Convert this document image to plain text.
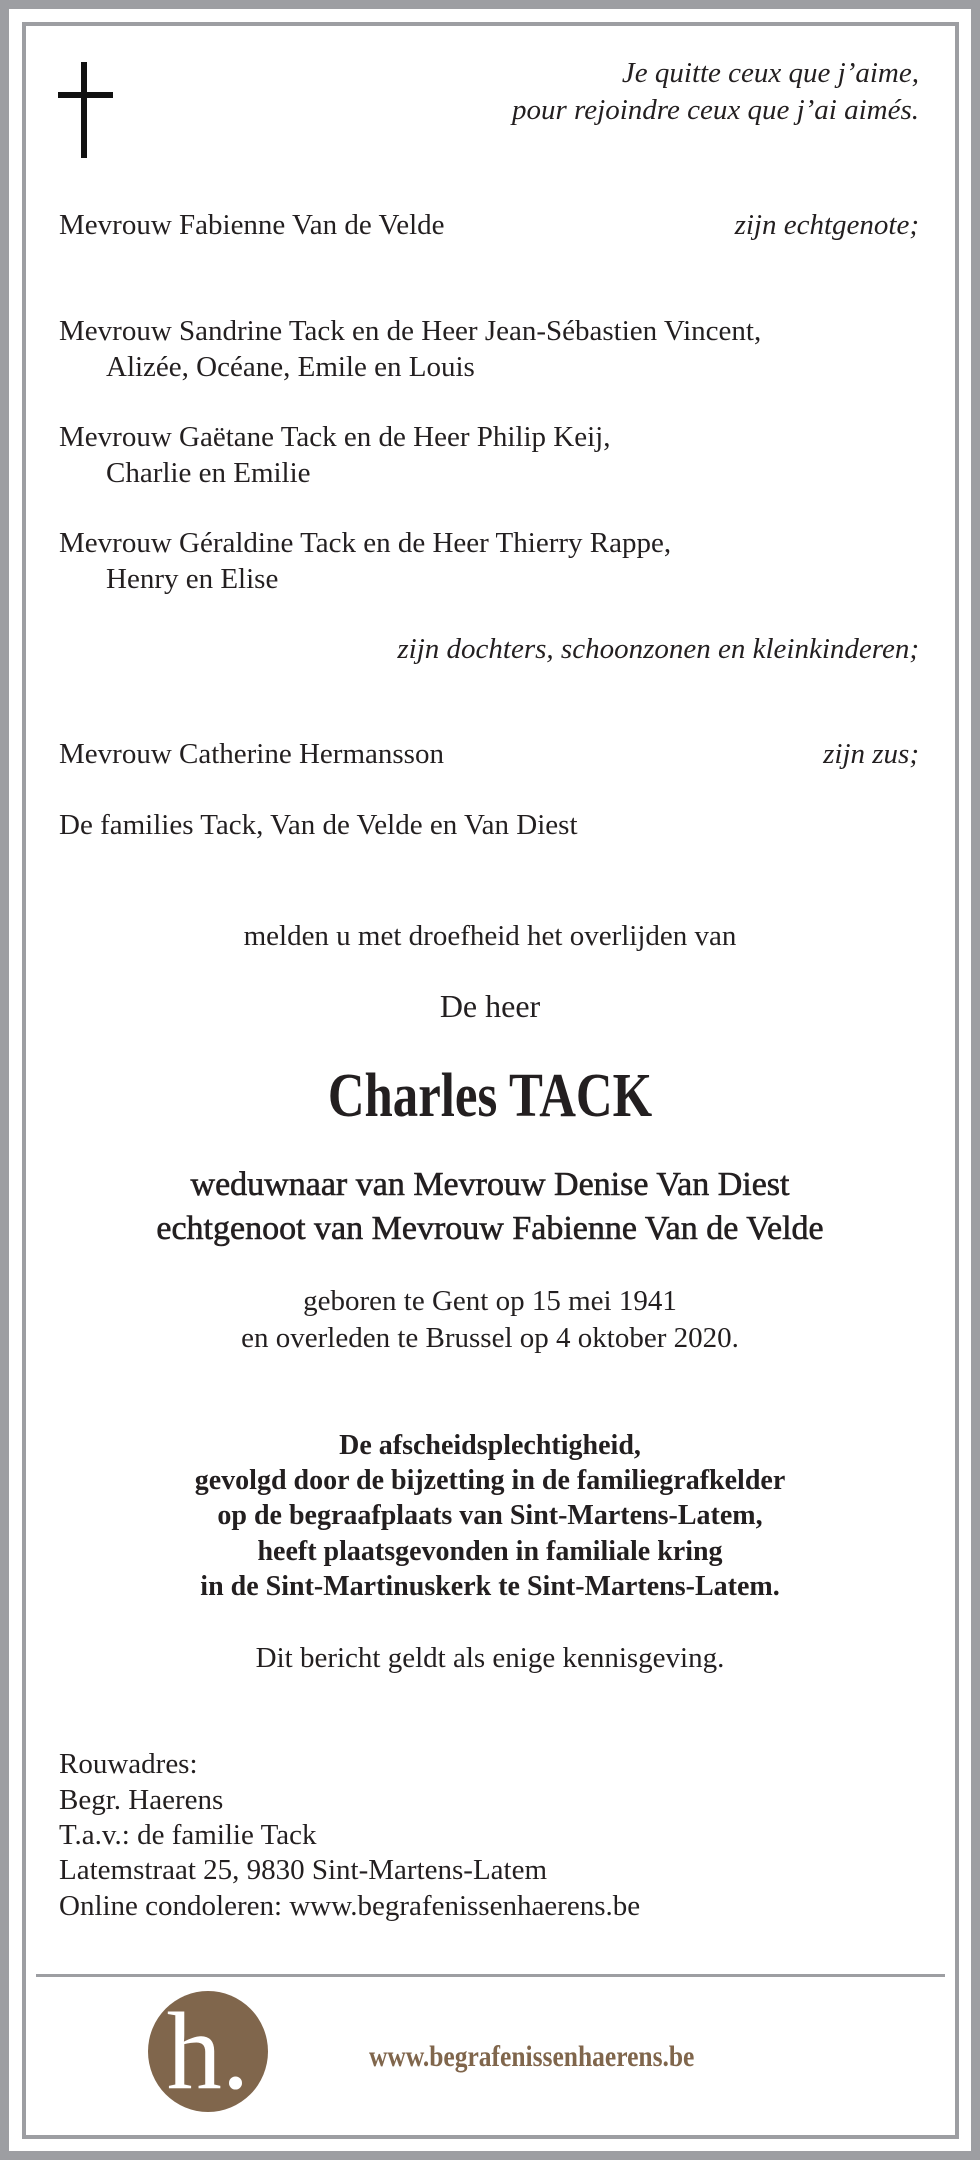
Je quitte ceux que j’aime,
pour rejoindre ceux que j’ai aimés.
Mevrouw Fabienne Van de Velde	zijn echtgenote;
Mevrouw Sandrine Tack en de Heer Jean-Sébastien Vincent,
Alizée, Océane, Emile en Louis
Mevrouw Gaëtane Tack en de Heer Philip Keij,
Charlie en Emilie
Mevrouw Géraldine Tack en de Heer Thierry Rappe,
Henry en Elise
zijn dochters, schoonzonen en kleinkinderen;
Mevrouw Catherine Hermansson	zijn zus;
De families Tack, Van de Velde en Van Diest
melden u met droefheid het overlijden van
De heer
Charles TACK
weduwnaar van Mevrouw Denise Van Diest
echtgenoot van Mevrouw Fabienne Van de Velde
geboren te Gent op 15 mei 1941
en overleden te Brussel op 4 oktober 2020.
De afscheidsplechtigheid,
gevolgd door de bijzetting in de familiegrafkelder
op de begraafplaats van Sint-Martens-Latem,
heeft plaatsgevonden in familiale kring
in de Sint-Martinuskerk te Sint-Martens-Latem.
Dit bericht geldt als enige kennisgeving.
Rouwadres:
Begr. Haerens
T.a.v.: de familie Tack
Latemstraat 25, 9830 Sint-Martens-Latem
Online condoleren: www.begrafenissenhaerens.be
h.	www.begrafenissenhaerens.be
